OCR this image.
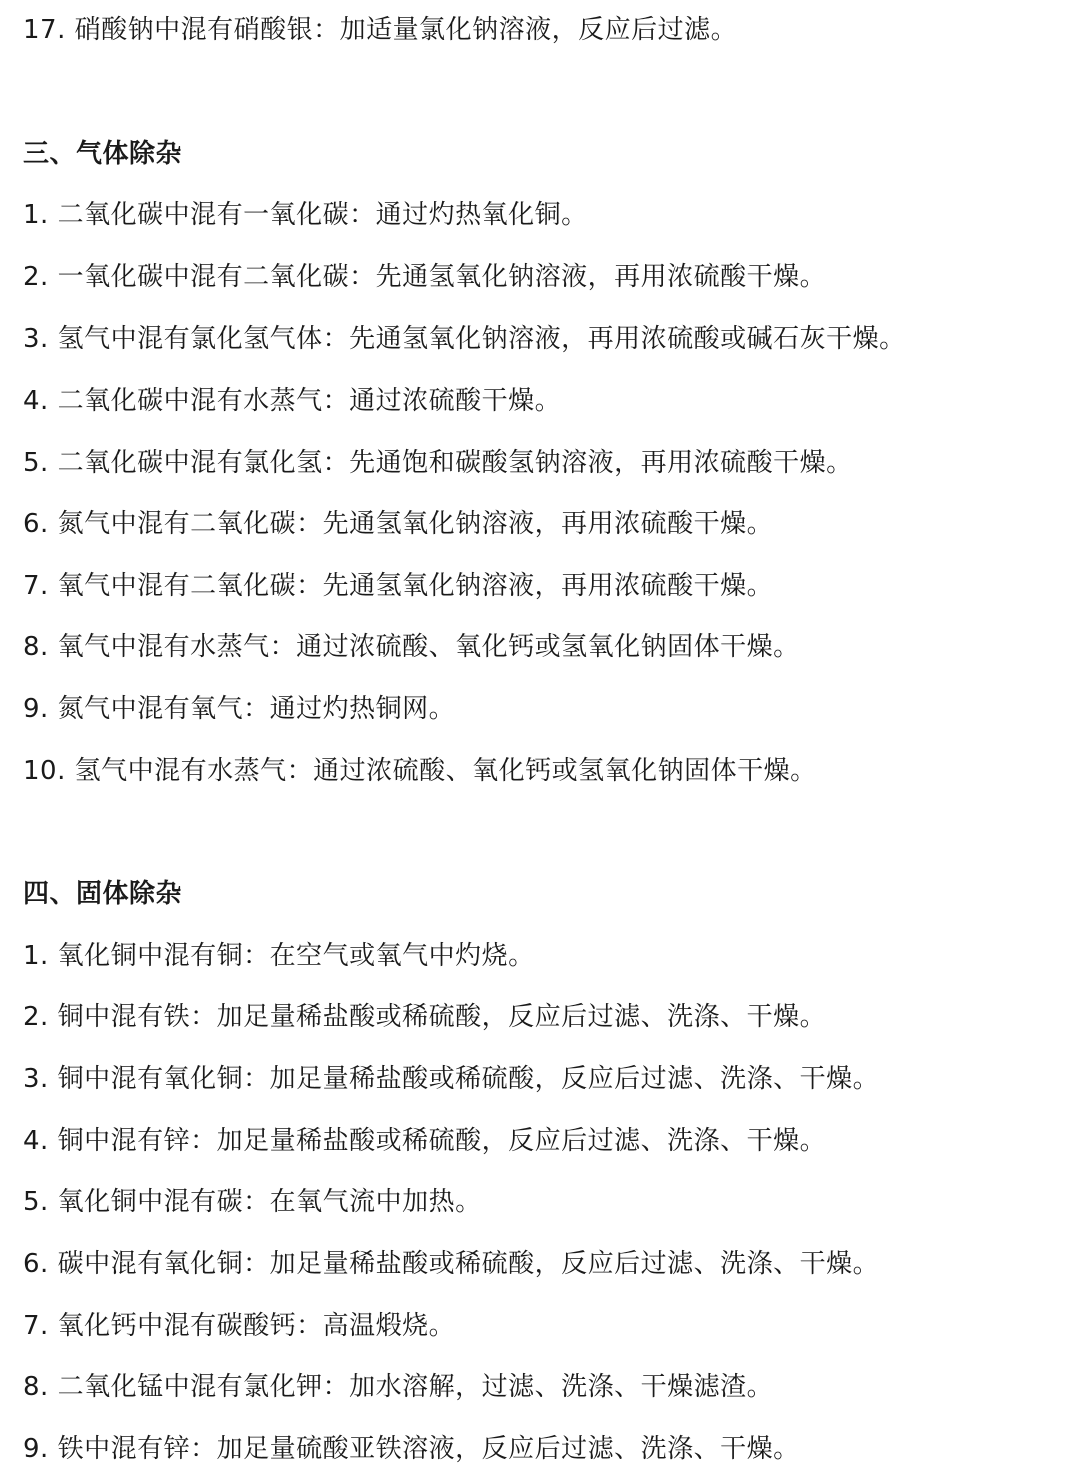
17. 硝酸钠中混有硝酸银：加适量氯化钠溶液，反应后过滤。
三、气体除杂
1. 二氧化碳中混有一氧化碳：通过灼热氧化铜。
2. 一氧化碳中混有二氧化碳：先通氢氧化钠溶液，再用浓硫酸干燥。
3. 氢气中混有氯化氢气体：先通氢氧化钠溶液，再用浓硫酸或碱石灰干燥。
4. 二氧化碳中混有水蒸气：通过浓硫酸干燥。
5. 二氧化碳中混有氯化氢：先通饱和碳酸氢钠溶液，再用浓硫酸干燥。
6. 氮气中混有二氧化碳：先通氢氧化钠溶液，再用浓硫酸干燥。
7. 氧气中混有二氧化碳：先通氢氧化钠溶液，再用浓硫酸干燥。
8. 氧气中混有水蒸气：通过浓硫酸、氧化钙或氢氧化钠固体干燥。
9. 氮气中混有氧气：通过灼热铜网。
10. 氢气中混有水蒸气：通过浓硫酸、氧化钙或氢氧化钠固体干燥。
四、固体除杂
1. 氧化铜中混有铜：在空气或氧气中灼烧。
2. 铜中混有铁：加足量稀盐酸或稀硫酸，反应后过滤、洗涤、干燥。
3. 铜中混有氧化铜：加足量稀盐酸或稀硫酸，反应后过滤、洗涤、干燥。
4. 铜中混有锌：加足量稀盐酸或稀硫酸，反应后过滤、洗涤、干燥。
5. 氧化铜中混有碳：在氧气流中加热。
6. 碳中混有氧化铜：加足量稀盐酸或稀硫酸，反应后过滤、洗涤、干燥。
7. 氧化钙中混有碳酸钙：高温煅烧。
8. 二氧化锰中混有氯化钾：加水溶解，过滤、洗涤、干燥滤渣。
9. 铁中混有锌：加足量硫酸亚铁溶液，反应后过滤、洗涤、干燥。
